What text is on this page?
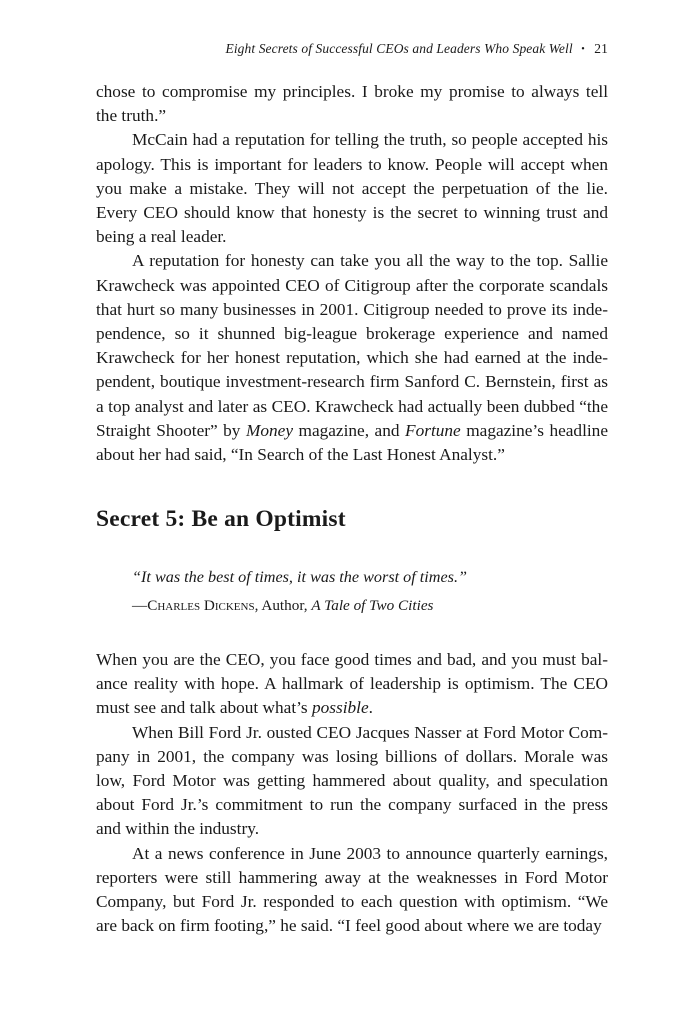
Eight Secrets of Successful CEOs and Leaders Who Speak Well • 21

chose to compromise my principles. I broke my promise to always tell the truth.”

McCain had a reputation for telling the truth, so people accepted his apology. This is important for leaders to know. People will accept when you make a mistake. They will not accept the perpetuation of the lie. Every CEO should know that honesty is the secret to winning trust and being a real leader.

A reputation for honesty can take you all the way to the top. Sallie Krawcheck was appointed CEO of Citigroup after the corporate scandals that hurt so many businesses in 2001. Citigroup needed to prove its independence, so it shunned big-league brokerage experience and named Krawcheck for her honest reputation, which she had earned at the independent, boutique investment-research firm Sanford C. Bernstein, first as a top analyst and later as CEO. Krawcheck had actually been dubbed “the Straight Shooter” by Money magazine, and Fortune magazine’s headline about her had said, “In Search of the Last Honest Analyst.”

Secret 5: Be an Optimist

“It was the best of times, it was the worst of times.”

—Charles Dickens, Author, A Tale of Two Cities

When you are the CEO, you face good times and bad, and you must balance reality with hope. A hallmark of leadership is optimism. The CEO must see and talk about what’s possible.

When Bill Ford Jr. ousted CEO Jacques Nasser at Ford Motor Company in 2001, the company was losing billions of dollars. Morale was low, Ford Motor was getting hammered about quality, and speculation about Ford Jr.’s commitment to run the company surfaced in the press and within the industry.

At a news conference in June 2003 to announce quarterly earnings, reporters were still hammering away at the weaknesses in Ford Motor Company, but Ford Jr. responded to each question with optimism. “We are back on firm footing,” he said. “I feel good about where we are today
